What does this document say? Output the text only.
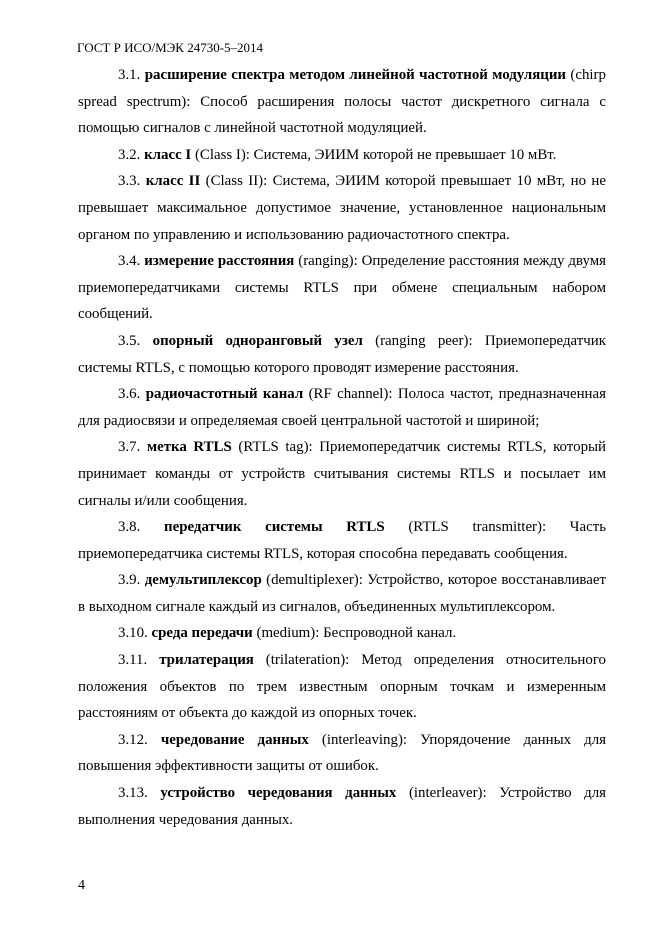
ГОСТ Р ИСО/МЭК 24730-5–2014

3.1. расширение спектра методом линейной частотной модуляции (chirp spread spectrum): Способ расширения полосы частот дискретного сигнала с помощью сигналов с линейной частотной модуляцией.

3.2. класс I (Class I): Система, ЭИИМ которой не превышает 10 мВт.

3.3. класс II (Class II): Система, ЭИИМ которой превышает 10 мВт, но не превышает максимальное допустимое значение, установленное национальным органом по управлению и использованию радиочастотного спектра.

3.4. измерение расстояния (ranging): Определение расстояния между двумя приемопередатчиками системы RTLS при обмене специальным набором сообщений.

3.5. опорный одноранговый узел (ranging peer): Приемопередатчик системы RTLS, с помощью которого проводят измерение расстояния.

3.6. радиочастотный канал (RF channel): Полоса частот, предназначенная для радиосвязи и определяемая своей центральной частотой и шириной;

3.7. метка RTLS (RTLS tag): Приемопередатчик системы RTLS, который принимает команды от устройств считывания системы RTLS и посылает им сигналы и/или сообщения.

3.8. передатчик системы RTLS (RTLS transmitter): Часть приемопередатчика системы RTLS, которая способна передавать сообщения.

3.9. демультиплексор (demultiplexer): Устройство, которое восстанавливает в выходном сигнале каждый из сигналов, объединенных мультиплексором.

3.10. среда передачи (medium): Беспроводной канал.

3.11. трилатерация (trilateration): Метод определения относительного положения объектов по трем известным опорным точкам и измеренным расстояниям от объекта до каждой из опорных точек.

3.12. чередование данных (interleaving): Упорядочение данных для повышения эффективности защиты от ошибок.

3.13. устройство чередования данных (interleaver): Устройство для выполнения чередования данных.

4
